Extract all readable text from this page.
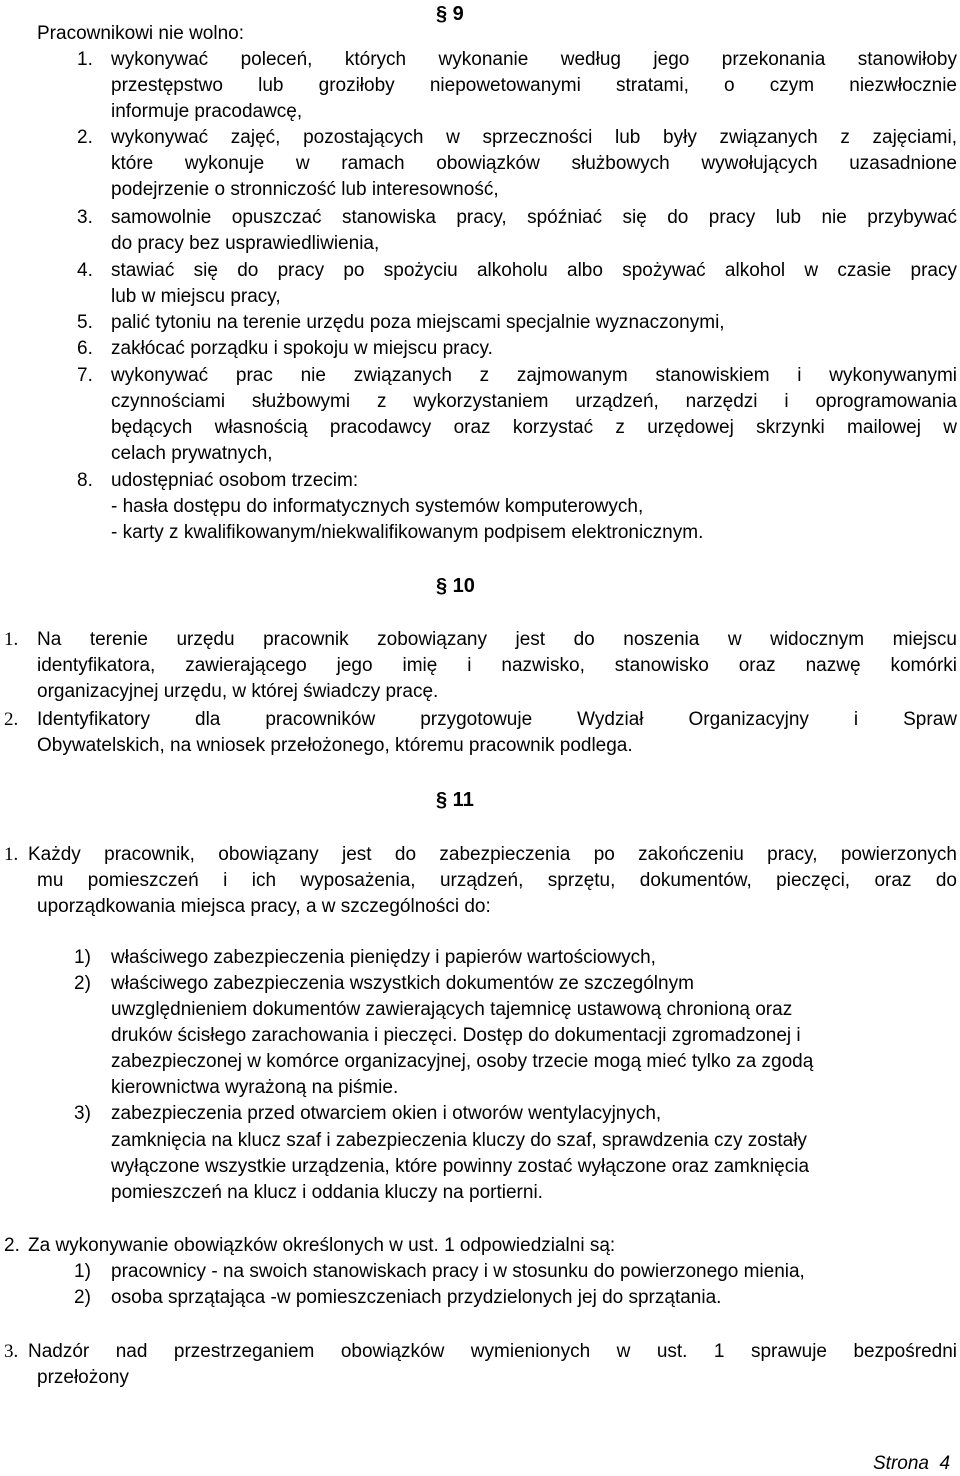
§ 9
Pracownikowi nie wolno:
1. wykonywać poleceń, których wykonanie według jego przekonania stanowiłoby
przestępstwo lub groziłoby niepowetowanymi stratami, o czym niezwłocznie
informuje pracodawcę,
2. wykonywać zajęć, pozostających w sprzeczności lub były związanych z zajęciami,
które wykonuje w ramach obowiązków służbowych wywołujących uzasadnione
podejrzenie o stronniczość lub interesowność,
3. samowolnie opuszczać stanowiska pracy, spóźniać się do pracy lub nie przybywać
do pracy bez usprawiedliwienia,
4. stawiać się do pracy po spożyciu alkoholu albo spożywać alkohol w czasie pracy
lub w miejscu pracy,
5. palić tytoniu na terenie urzędu poza miejscami specjalnie wyznaczonymi,
6. zakłócać porządku i spokoju w miejscu pracy.
7. wykonywać prac nie związanych z zajmowanym stanowiskiem i wykonywanymi
czynnościami służbowymi z wykorzystaniem urządzeń, narzędzi i oprogramowania
będących własnością pracodawcy oraz korzystać z urzędowej skrzynki mailowej w
celach prywatnych,
8. udostępniać osobom trzecim:
- hasła dostępu do informatycznych systemów komputerowych,
- karty z kwalifikowanym/niekwalifikowanym podpisem elektronicznym.
§ 10
1. Na terenie urzędu pracownik zobowiązany jest do noszenia w widocznym miejscu
identyfikatora, zawierającego jego imię i nazwisko, stanowisko oraz nazwę komórki
organizacyjnej urzędu, w której świadczy pracę.
2. Identyfikatory dla pracowników przygotowuje Wydział Organizacyjny i Spraw
Obywatelskich, na wniosek przełożonego, któremu pracownik podlega.
§ 11
1. Każdy pracownik, obowiązany jest do zabezpieczenia po zakończeniu pracy, powierzonych
mu pomieszczeń i ich wyposażenia, urządzeń, sprzętu, dokumentów, pieczęci, oraz do
uporządkowania miejsca pracy, a w szczególności do:
1) właściwego zabezpieczenia pieniędzy i papierów wartościowych,
2) właściwego zabezpieczenia wszystkich dokumentów ze szczególnym
uwzględnieniem dokumentów zawierających tajemnicę ustawową chronioną oraz
druków ścisłego zarachowania i pieczęci. Dostęp do dokumentacji zgromadzonej i
zabezpieczonej w komórce organizacyjnej, osoby trzecie mogą mieć tylko za zgodą
kierownictwa wyrażoną na piśmie.
3) zabezpieczenia przed otwarciem okien i otworów wentylacyjnych,
zamknięcia na klucz szaf i zabezpieczenia kluczy do szaf, sprawdzenia czy zostały
wyłączone wszystkie urządzenia, które powinny zostać wyłączone oraz zamknięcia
pomieszczeń na klucz i oddania kluczy na portierni.
2. Za wykonywanie obowiązków określonych w ust. 1 odpowiedzialni są:
1) pracownicy - na swoich stanowiskach pracy i w stosunku do powierzonego mienia,
2) osoba sprzątająca -w pomieszczeniach przydzielonych jej do sprzątania.
3. Nadzór nad przestrzeganiem obowiązków wymienionych w ust. 1 sprawuje bezpośredni
przełożony
Strona 4
